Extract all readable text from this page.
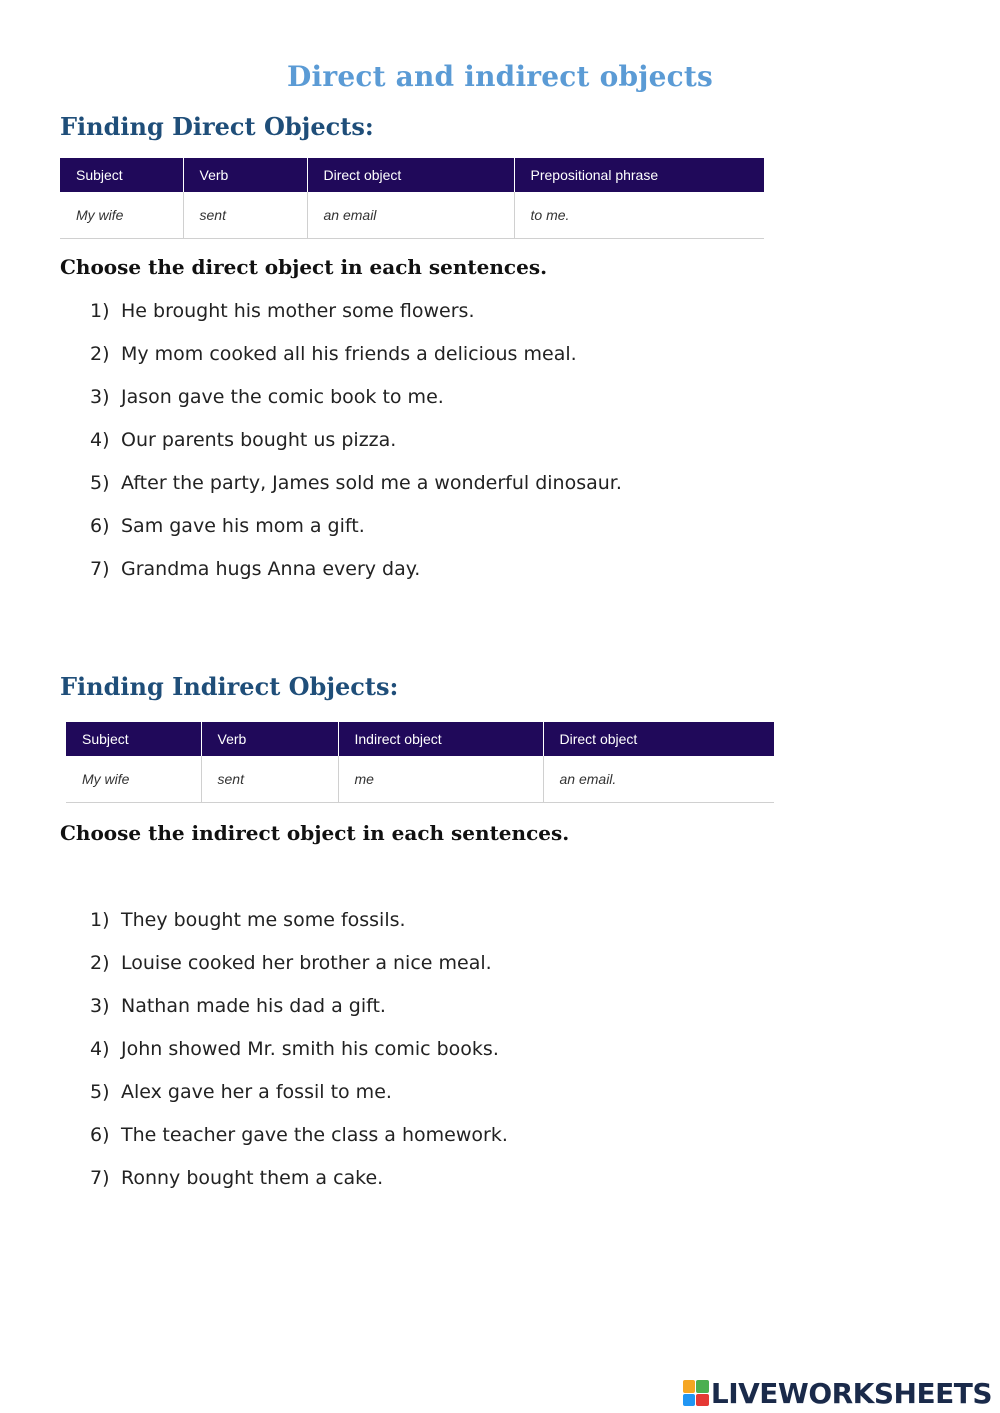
Direct and indirect objects
Finding Direct Objects:
Subject	Verb	Direct object	Prepositional phrase
My wife	sent	an email	to me.
Choose the direct object in each sentences.
1) He brought his mother some flowers.
2) My mom cooked all his friends a delicious meal.
3) Jason gave the comic book to me.
4) Our parents bought us pizza.
5) After the party, James sold me a wonderful dinosaur.
6) Sam gave his mom a gift.
7) Grandma hugs Anna every day.
Finding Indirect Objects:
Subject	Verb	Indirect object	Direct object
My wife	sent	me	an email.
Choose the indirect object in each sentences.
1) They bought me some fossils.
2) Louise cooked her brother a nice meal.
3) Nathan made his dad a gift.
4) John showed Mr. smith his comic books.
5) Alex gave her a fossil to me.
6) The teacher gave the class a homework.
7) Ronny bought them a cake.
LIVEWORKSHEETS
